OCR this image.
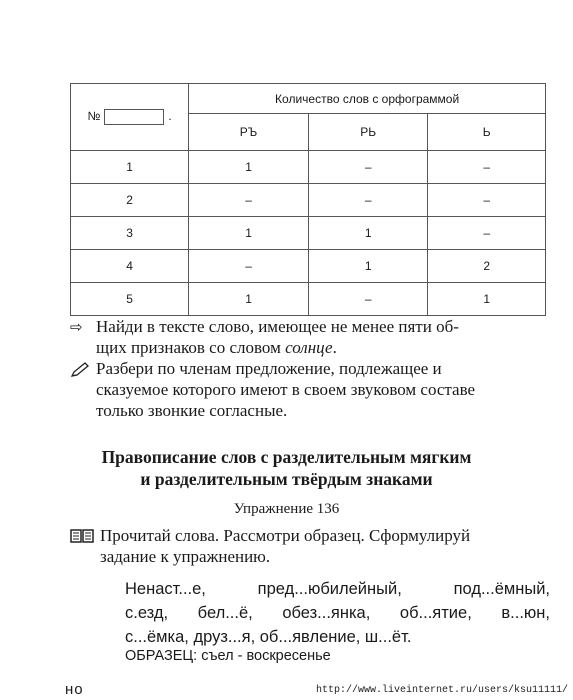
№ .	Количество слов с орфограммой		
	РЪ	РЬ	Ь
1	1	–	–
2	–	–	–
3	1	1	–
4	–	1	2
5	1	–	1
⇨ Найди в тексте слово, имеющее не менее пяти об-
щих признаков со словом солнце.
Разбери по членам предложение, подлежащее и
сказуемое которого имеют в своем звуковом составе
только звонкие согласные.
Правописание слов с разделительным мягким
и разделительным твёрдым знаками
Упражнение 136
Прочитай слова. Рассмотри образец. Сформулируй
задание к упражнению.
Ненаст...е, пред...юбилейный, под...ёмный,
с.езд, бел...ё, обез...янка, об...ятие, в...юн,
с...ёмка, друз...я, об...явление, ш...ёт.
ОБРАЗЕЦ: съел - воскресенье
но	http://www.liveinternet.ru/users/ksu11111/
